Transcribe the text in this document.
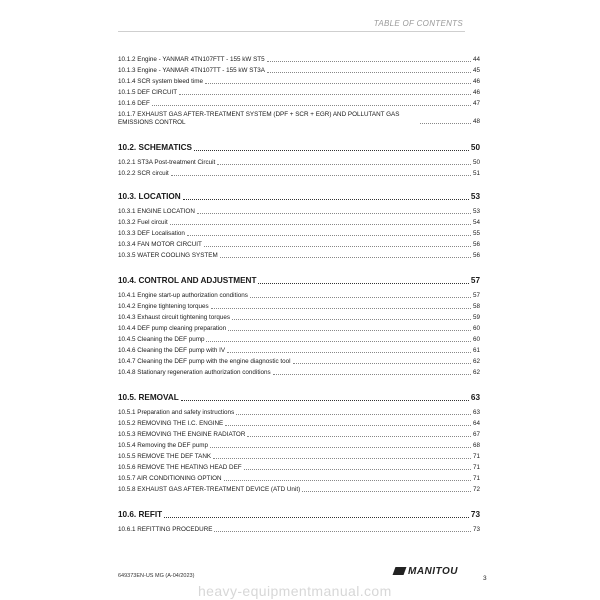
TABLE OF CONTENTS
10.1.2 Engine - YANMAR 4TN107FTT - 155 kW ST5	44
10.1.3 Engine - YANMAR 4TN107TT - 155 kW ST3A	45
10.1.4 SCR system bleed time	46
10.1.5 DEF CIRCUIT	46
10.1.6 DEF	47
10.1.7 EXHAUST GAS AFTER-TREATMENT SYSTEM (DPF + SCR + EGR) AND POLLUTANT GAS EMISSIONS CONTROL	48
10.2. SCHEMATICS	50
10.2.1 ST3A Post-treatment Circuit	50
10.2.2 SCR circuit	51
10.3. LOCATION	53
10.3.1 ENGINE LOCATION	53
10.3.2 Fuel circuit	54
10.3.3 DEF Localisation	55
10.3.4 FAN MOTOR CIRCUIT	56
10.3.5 WATER COOLING SYSTEM	56
10.4. CONTROL AND ADJUSTMENT	57
10.4.1 Engine start-up authorization conditions	57
10.4.2 Engine tightening torques	58
10.4.3 Exhaust circuit tightening torques	59
10.4.4 DEF pump cleaning preparation	60
10.4.5 Cleaning the DEF pump	60
10.4.6 Cleaning the DEF pump with IV	61
10.4.7 Cleaning the DEF pump with the engine diagnostic tool	62
10.4.8 Stationary regeneration authorization conditions	62
10.5. REMOVAL	63
10.5.1 Preparation and safety instructions	63
10.5.2 REMOVING THE I.C. ENGINE	64
10.5.3 REMOVING THE ENGINE RADIATOR	67
10.5.4 Removing the DEF pump	68
10.5.5 REMOVE THE DEF TANK	71
10.5.6 REMOVE THE HEATING HEAD DEF	71
10.5.7 AIR CONDITIONING OPTION	71
10.5.8 EXHAUST GAS AFTER-TREATMENT DEVICE (ATD Unit)	72
10.6. REFIT	73
10.6.1 REFITTING PROCEDURE	73
649373EN-US MG (A-04/2023)	MANITOU
3
heavy-equipmentmanual.com
